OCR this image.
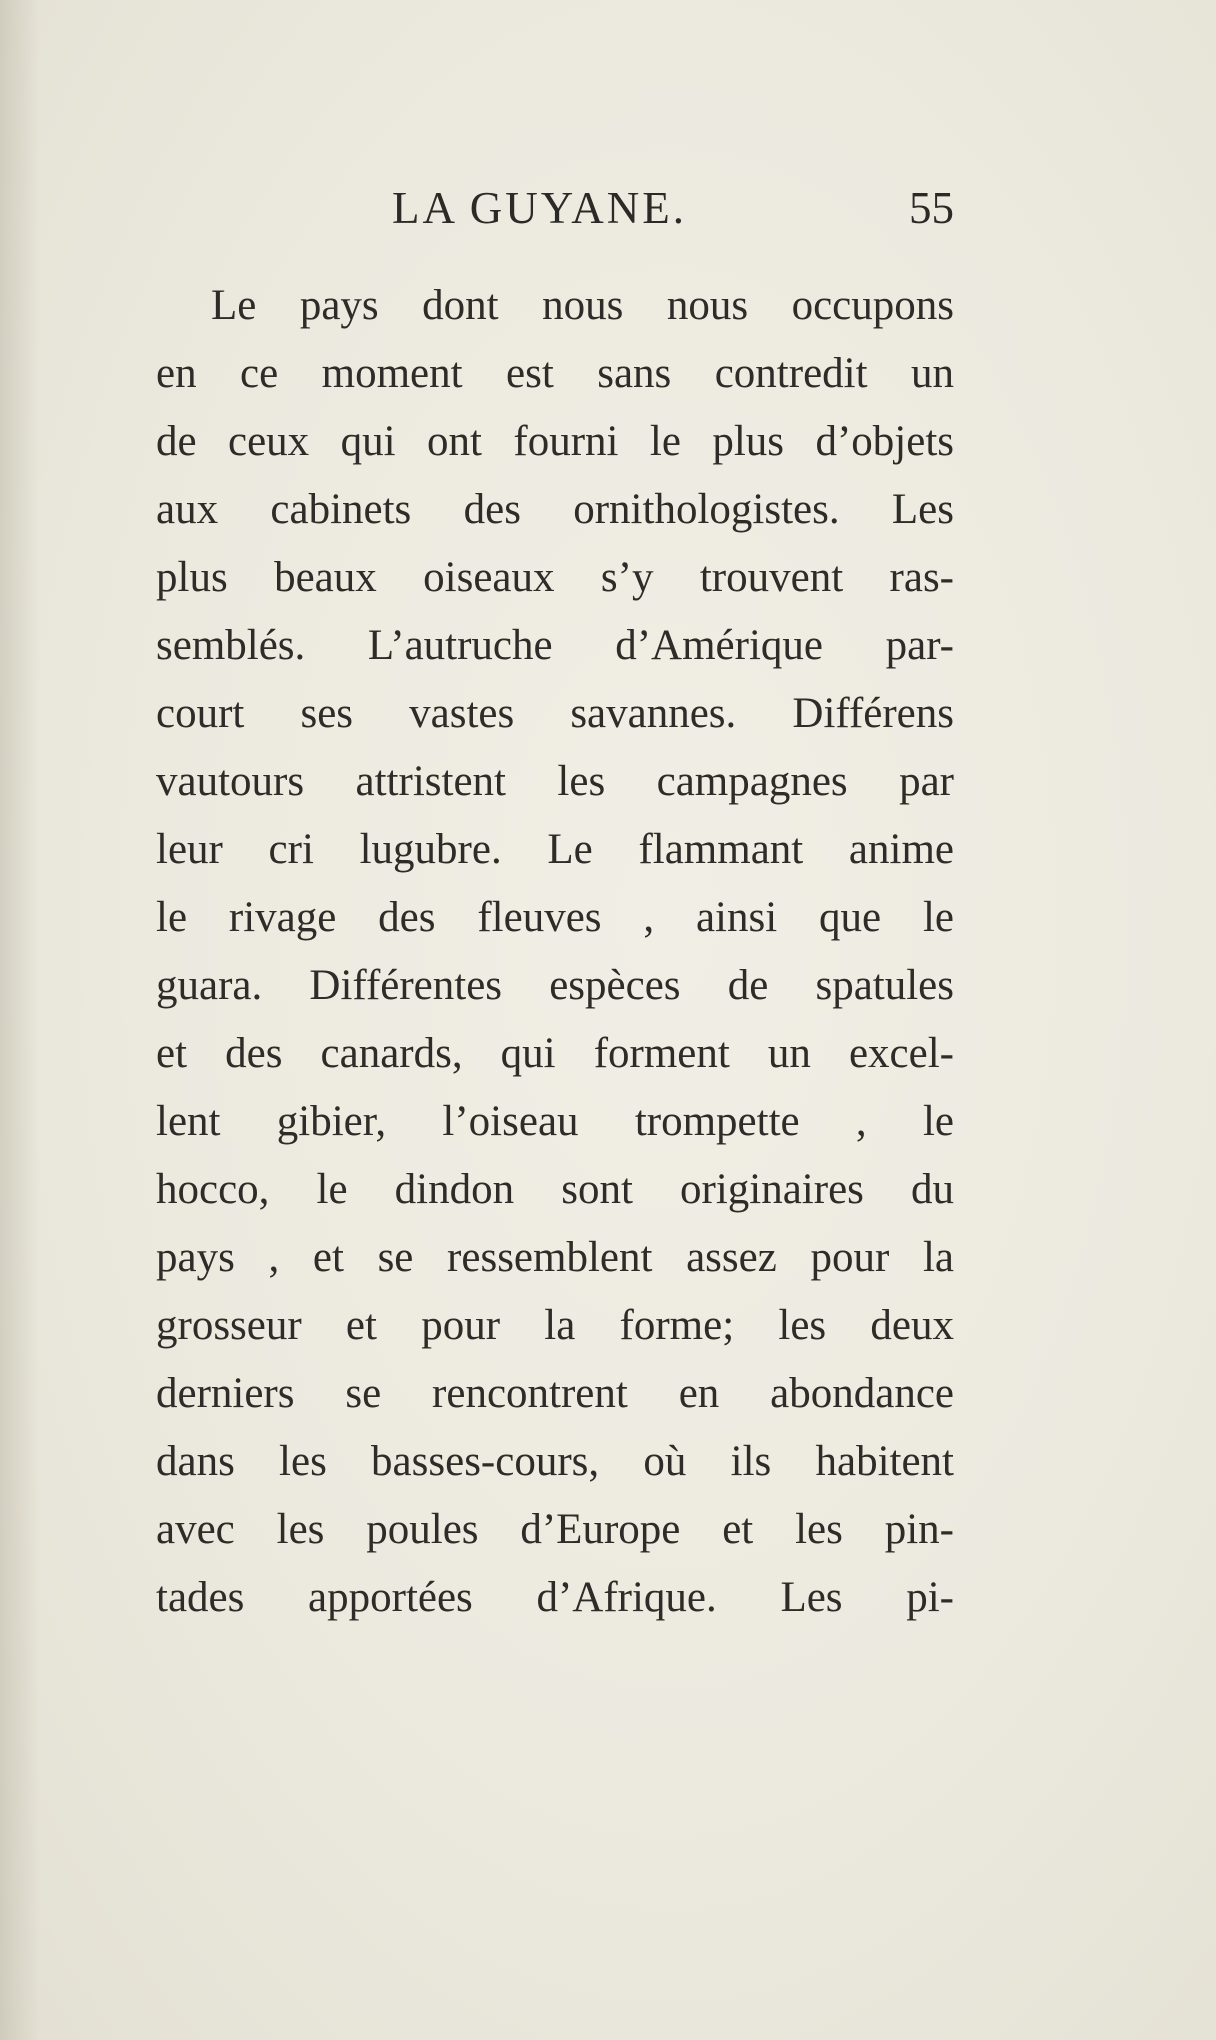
LA GUYANE.	55
Le pays dont nous nous occupons
en ce moment est sans contredit un
de ceux qui ont fourni le plus d’objets
aux cabinets des ornithologistes. Les
plus beaux oiseaux s’y trouvent ras-
semblés. L’autruche d’Amérique par-
court ses vastes savannes. Différens
vautours attristent les campagnes par
leur cri lugubre. Le flammant anime
le rivage des fleuves , ainsi que le
guara. Différentes espèces de spatules
et des canards, qui forment un excel-
lent gibier, l’oiseau trompette , le
hocco, le dindon sont originaires du
pays , et se ressemblent assez pour la
grosseur et pour la forme; les deux
derniers se rencontrent en abondance
dans les basses-cours, où ils habitent
avec les poules d’Europe et les pin-
tades apportées d’Afrique. Les pi-
